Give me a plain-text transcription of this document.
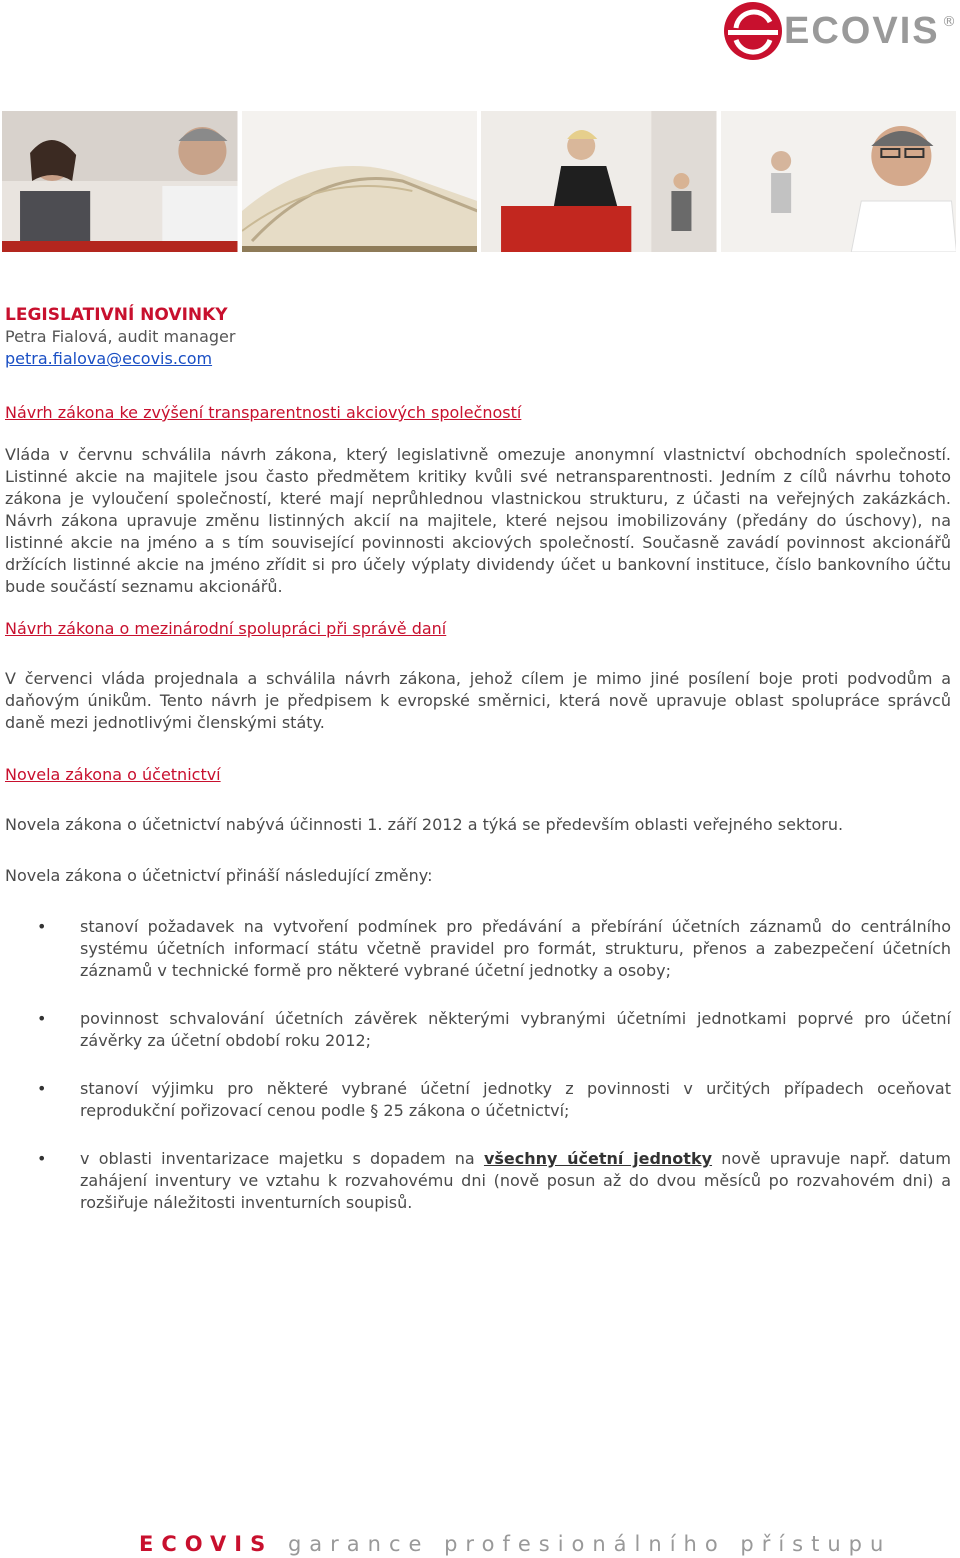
ECOVIS ®
LEGISLATIVNÍ NOVINKY
Petra Fialová, audit manager
petra.fialova@ecovis.com
Návrh zákona ke zvýšení transparentnosti akciových společností

Vláda v červnu schválila návrh zákona, který legislativně omezuje anonymní vlastnictví obchodních společností. Listinné akcie na majitele jsou často předmětem kritiky kvůli své netransparentnosti. Jedním z cílů návrhu tohoto zákona je vyloučení společností, které mají neprůhlednou vlastnickou strukturu, z účasti na veřejných zakázkách. Návrh zákona upravuje změnu listinných akcií na majitele, které nejsou imobilizovány (předány do úschovy), na listinné akcie na jméno a s tím související povinnosti akciových společností. Současně zavádí povinnost akcionářů držících listinné akcie na jméno zřídit si pro účely výplaty dividendy účet u bankovní instituce, číslo bankovního účtu bude součástí seznamu akcionářů.

Návrh zákona o mezinárodní spolupráci při správě daní

V červenci vláda projednala a schválila návrh zákona, jehož cílem je mimo jiné posílení boje proti podvodům a daňovým únikům. Tento návrh je předpisem k evropské směrnici, která nově upravuje oblast spolupráce správců daně mezi jednotlivými členskými státy.

Novela zákona o účetnictví

Novela zákona o účetnictví nabývá účinnosti 1. září 2012 a týká se především oblasti veřejného sektoru.

Novela zákona o účetnictví přináší následující změny:

• stanoví požadavek na vytvoření podmínek pro předávání a přebírání účetních záznamů do centrálního systému účetních informací státu včetně pravidel pro formát, strukturu, přenos a zabezpečení účetních záznamů v technické formě pro některé vybrané účetní jednotky a osoby;
• povinnost schvalování účetních závěrek některými vybranými účetními jednotkami poprvé pro účetní závěrky za účetní období roku 2012;
• stanoví výjimku pro některé vybrané účetní jednotky z povinnosti v určitých případech oceňovat reprodukční pořizovací cenou podle § 25 zákona o účetnictví;
• v oblasti inventarizace majetku s dopadem na všechny účetní jednotky nově upravuje např. datum zahájení inventury ve vztahu k rozvahovému dni (nově posun až do dvou měsíců po rozvahovém dni) a rozšiřuje náležitosti inventurních soupisů.
ECOVIS garance profesionálního přístupu
